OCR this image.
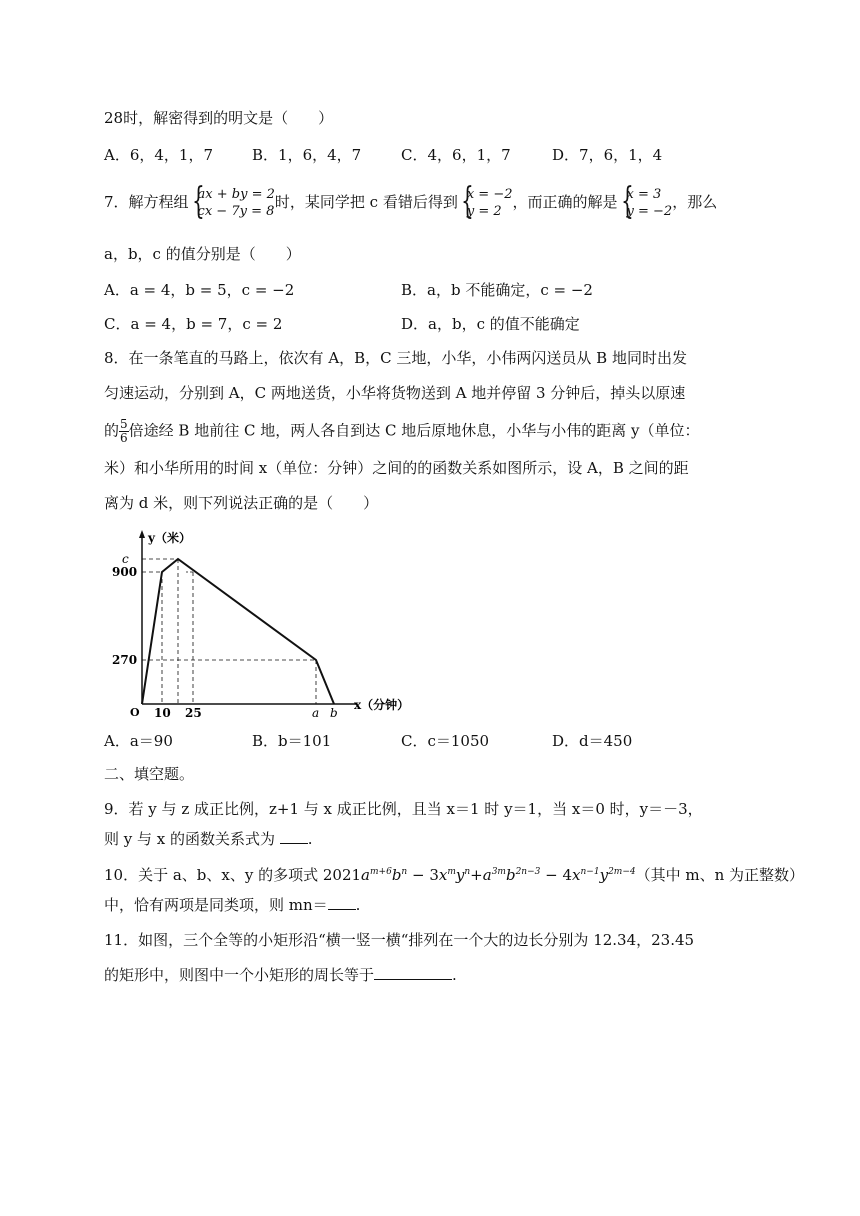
28时，解密得到的明文是（　　）
A．6，4，1，7	B．1，6，4，7	C．4，6，1，7	D．7，6，1，4
7．解方程组 { ax + by = 2
cx − 7y = 8
时，某同学把 c 看错后得到 { x = −2
y = 2
，而正确的解是 { x = 3
y = −2
，那么
a，b，c 的值分别是（　　）
A．a = 4，b = 5，c = −2	B．a，b 不能确定，c = −2
C．a = 4，b = 7，c = 2	D．a，b，c 的值不能确定
8．在一条笔直的马路上，依次有 A，B，C 三地，小华，小伟两闪送员从 B 地同时出发
匀速运动，分别到 A，C 两地送货，小华将货物送到 A 地并停留 3 分钟后，掉头以原速
的 $\frac{5}{6}$ 倍途经 B 地前往 C 地，两人各自到达 C 地后原地休息，小华与小伟的距离 y（单位：
米）和小华所用的时间 x（单位：分钟）之间的的函数关系如图所示，设 A，B 之间的距
离为 d 米，则下列说法正确的是（　　）
y（米）
x（分钟）
O
c
900
270
10 25	a b
A．a＝90	B．b＝101	C．c＝1050	D．d＝450
二、填空题。
9．若 y 与 z 成正比例，z+1 与 x 成正比例，且当 x＝1 时 y＝1，当 x＝0 时，y＝－3，
则 y 与 x 的函数关系式为 .
10．关于 a、b、x、y 的多项式 $2021a^{m+6}b^n - 3x^my^n+a^{3m}b^{2n-3} - 4x^{n-1}y^{2m-4}$（其中 m、n 为正整数）
中，恰有两项是同类项，则 mn＝ .
11．如图，三个全等的小矩形沿“横一竖一横“排列在一个大的边长分别为 12.34，23.45
的矩形中，则图中一个小矩形的周长等于	.
